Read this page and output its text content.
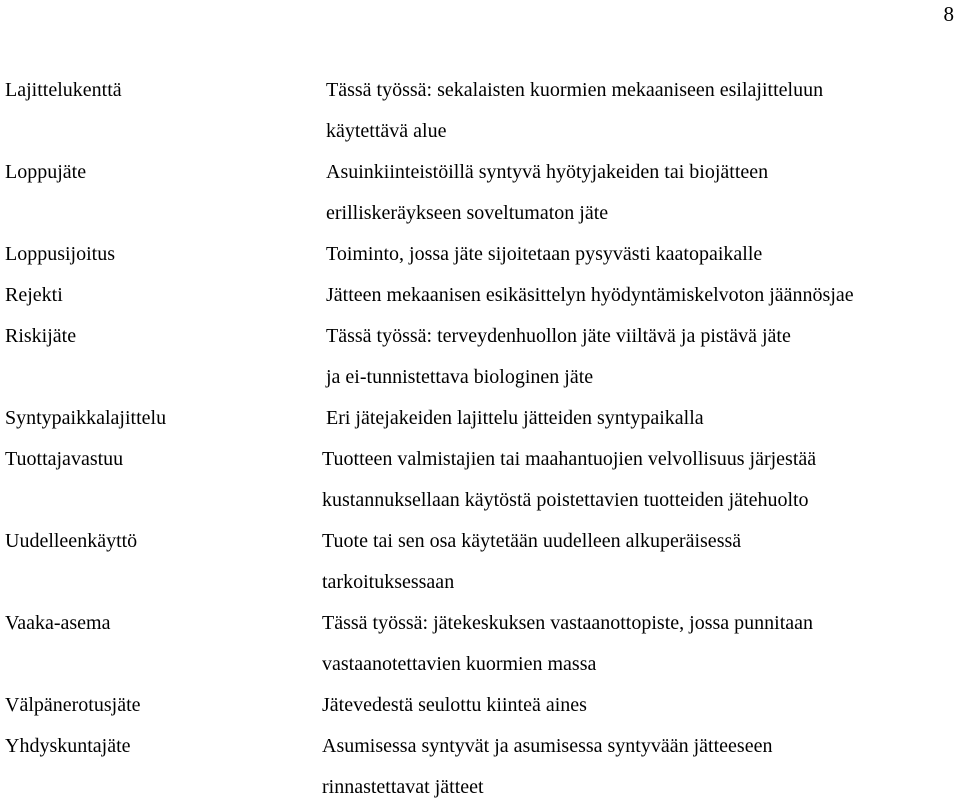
8
Lajittelukenttä	Tässä työssä: sekalaisten kuormien mekaaniseen esilajitteluun
käytettävä alue
Loppujäte	Asuinkiinteistöillä syntyvä hyötyjakeiden tai biojätteen
erilliskeräykseen soveltumaton jäte
Loppusijoitus	Toiminto, jossa jäte sijoitetaan pysyvästi kaatopaikalle
Rejekti	Jätteen mekaanisen esikäsittelyn hyödyntämiskelvoton jäännösjae
Riskijäte	Tässä työssä: terveydenhuollon jäte viiltävä ja pistävä jäte
ja ei-tunnistettava biologinen jäte
Syntypaikkalajittelu	Eri jätejakeiden lajittelu jätteiden syntypaikalla
Tuottajavastuu	Tuotteen valmistajien tai maahantuojien velvollisuus järjestää
kustannuksellaan käytöstä poistettavien tuotteiden jätehuolto
Uudelleenkäyttö	Tuote tai sen osa käytetään uudelleen alkuperäisessä
tarkoituksessaan
Vaaka-asema	Tässä työssä: jätekeskuksen vastaanottopiste, jossa punnitaan
vastaanotettavien kuormien massa
Välpänerotusjäte	Jätevedestä seulottu kiinteä aines
Yhdyskuntajäte	Asumisessa syntyvät ja asumisessa syntyvään jätteeseen
rinnastettavat jätteet
